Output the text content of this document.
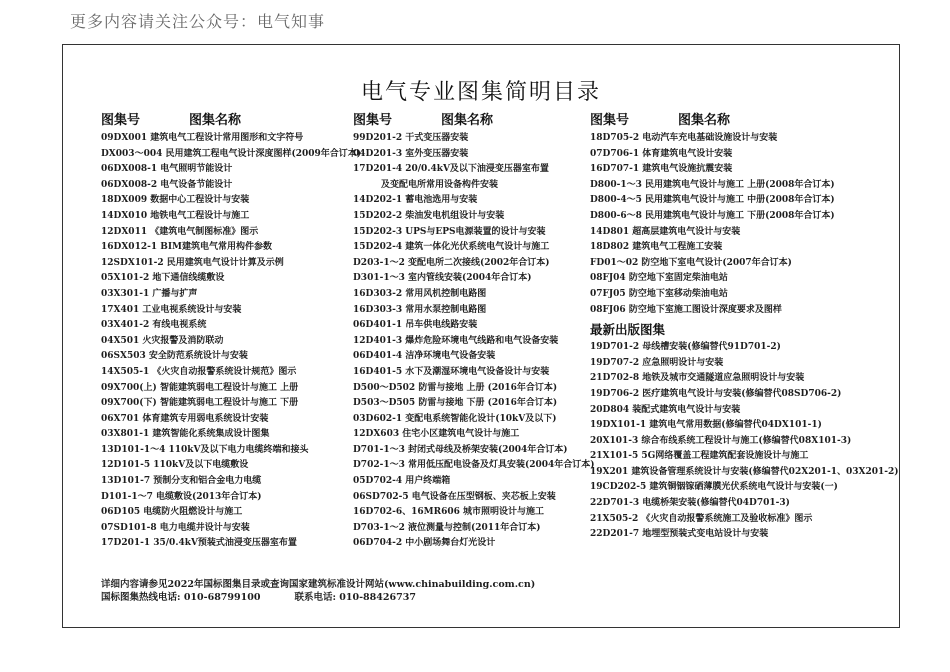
更多内容请关注公众号：电气知事
电气专业图集简明目录
图集号	图集名称
09DX001 建筑电气工程设计常用图形和文字符号
DX003～004 民用建筑工程电气设计深度图样(2009年合订本)
06DX008-1 电气照明节能设计
06DX008-2 电气设备节能设计
18DX009 数据中心工程设计与安装
14DX010 地铁电气工程设计与施工
12DX011 《建筑电气制图标准》图示
16DX012-1 BIM建筑电气常用构件参数
12SDX101-2 民用建筑电气设计计算及示例
05X101-2 地下通信线缆敷设
03X301-1 广播与扩声
17X401 工业电视系统设计与安装
03X401-2 有线电视系统
04X501 火灾报警及消防联动
06SX503 安全防范系统设计与安装
14X505-1 《火灾自动报警系统设计规范》图示
09X700(上) 智能建筑弱电工程设计与施工 上册
09X700(下) 智能建筑弱电工程设计与施工 下册
06X701 体育建筑专用弱电系统设计安装
03X801-1 建筑智能化系统集成设计图集
13D101-1～4 110kV及以下电力电缆终端和接头
12D101-5 110kV及以下电缆敷设
13D101-7 预制分支和铝合金电力电缆
D101-1～7 电缆敷设(2013年合订本)
06D105 电缆防火阻燃设计与施工
07SD101-8 电力电缆井设计与安装
17D201-1 35/0.4kV预装式油浸变压器室布置
图集号	图集名称
99D201-2 干式变压器安装
04D201-3 室外变压器安装
17D201-4 20/0.4kV及以下油浸变压器室布置
及变配电所常用设备构件安装
14D202-1 蓄电池选用与安装
15D202-2 柴油发电机组设计与安装
15D202-3 UPS与EPS电源装置的设计与安装
15D202-4 建筑一体化光伏系统电气设计与施工
D203-1～2 变配电所二次接线(2002年合订本)
D301-1～3 室内管线安装(2004年合订本)
16D303-2 常用风机控制电路图
16D303-3 常用水泵控制电路图
06D401-1 吊车供电线路安装
12D401-3 爆炸危险环境电气线路和电气设备安装
06D401-4 洁净环境电气设备安装
16D401-5 水下及潮湿环境电气设备设计与安装
D500～D502 防雷与接地 上册 (2016年合订本)
D503～D505 防雷与接地 下册 (2016年合订本)
03D602-1 变配电系统智能化设计(10kV及以下)
12DX603 住宅小区建筑电气设计与施工
D701-1～3 封闭式母线及桥架安装(2004年合订本)
D702-1～3 常用低压配电设备及灯具安装(2004年合订本)
05D702-4 用户终端箱
06SD702-5 电气设备在压型钢板、夹芯板上安装
16D702-6、16MR606 城市照明设计与施工
D703-1～2 液位测量与控制(2011年合订本)
06D704-2 中小剧场舞台灯光设计
图集号	图集名称
18D705-2 电动汽车充电基础设施设计与安装
07D706-1 体育建筑电气设计安装
16D707-1 建筑电气设施抗震安装
D800-1～3 民用建筑电气设计与施工 上册(2008年合订本)
D800-4～5 民用建筑电气设计与施工 中册(2008年合订本)
D800-6～8 民用建筑电气设计与施工 下册(2008年合订本)
14D801 超高层建筑电气设计与安装
18D802 建筑电气工程施工安装
FD01～02 防空地下室电气设计(2007年合订本)
08FJ04 防空地下室固定柴油电站
07FJ05 防空地下室移动柴油电站
08FJ06 防空地下室施工图设计深度要求及图样
最新出版图集
19D701-2 母线槽安装(修编替代91D701-2)
19D707-2 应急照明设计与安装
21D702-8 地铁及城市交通隧道应急照明设计与安装
19D706-2 医疗建筑电气设计与安装(修编替代08SD706-2)
20D804 装配式建筑电气设计与安装
19DX101-1 建筑电气常用数据(修编替代04DX101-1)
20X101-3 综合布线系统工程设计与施工(修编替代08X101-3)
21X101-5 5G网络覆盖工程建筑配套设施设计与施工
19X201 建筑设备管理系统设计与安装(修编替代02X201-1、03X201-2)
19CD202-5 建筑铜铟镓硒薄膜光伏系统电气设计与安装(一)
22D701-3 电缆桥架安装(修编替代04D701-3)
21X505-2 《火灾自动报警系统施工及验收标准》图示
22D201-7 地埋型预装式变电站设计与安装
详细内容请参见2022年国标图集目录或查询国家建筑标准设计网站(www.chinabuilding.com.cn)
国标图集热线电话: 010-68799100	联系电话: 010-88426737
